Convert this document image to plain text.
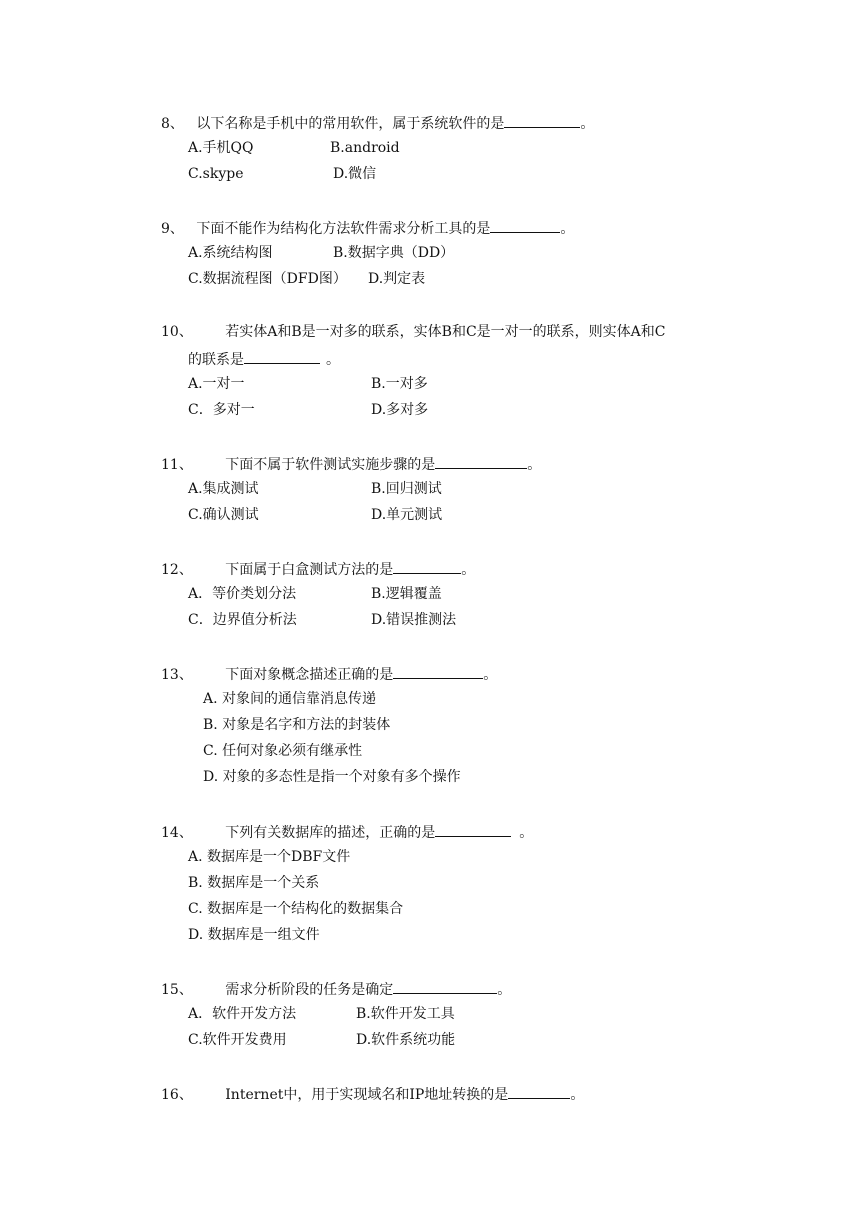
8、 以下名称是手机中的常用软件，属于系统软件的是	。
A.手机QQ	B.android
C.skype	D.微信
9、 下面不能作为结构化方法软件需求分析工具的是	。
A.系统结构图	B.数据字典（DD）
C.数据流程图（DFD图） D.判定表
10、 若实体A和B是一对多的联系，实体B和C是一对一的联系，则实体A和C
的联系是	。
A.一对一	B.一对多
C．多对一	D.多对多
11、 下面不属于软件测试实施步骤的是	。
A.集成测试	B.回归测试
C.确认测试	D.单元测试
12、 下面属于白盒测试方法的是	。
A．等价类划分法	B.逻辑覆盖
C．边界值分析法	D.错误推测法
13、 下面对象概念描述正确的是	。
A. 对象间的通信靠消息传递
B. 对象是名字和方法的封装体
C. 任何对象必须有继承性
D. 对象的多态性是指一个对象有多个操作
14、 下列有关数据库的描述，正确的是	。
A. 数据库是一个DBF文件
B. 数据库是一个关系
C. 数据库是一个结构化的数据集合
D. 数据库是一组文件
15、 需求分析阶段的任务是确定	。
A．软件开发方法	B.软件开发工具
C.软件开发费用	D.软件系统功能
16、 Internet中，用于实现域名和IP地址转换的是	。
